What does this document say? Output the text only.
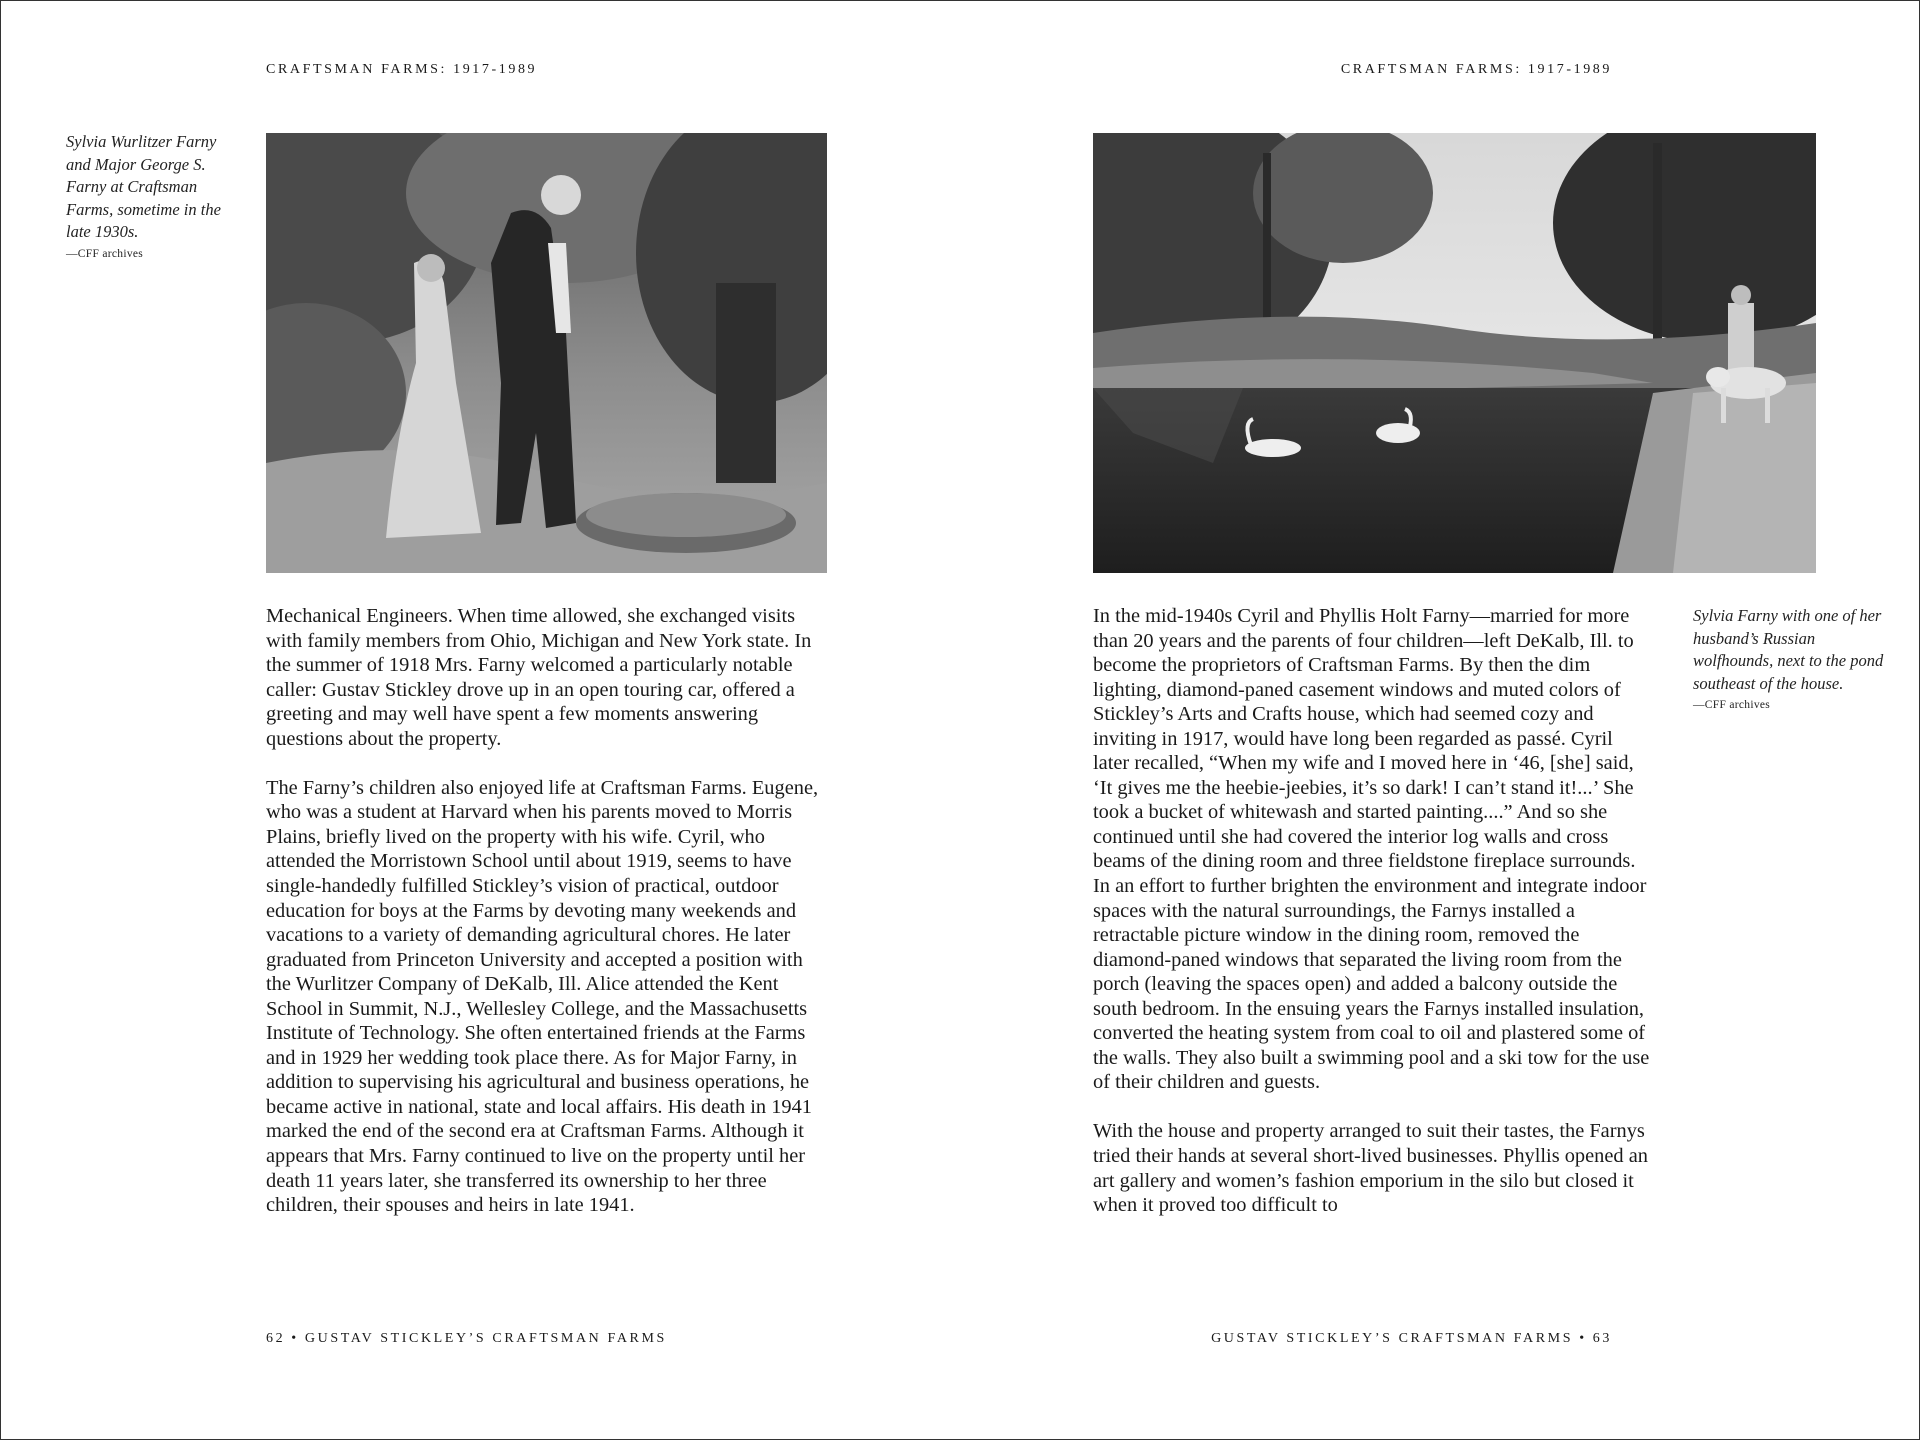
CRAFTSMAN FARMS: 1917-1989
Sylvia Wurlitzer Farny and Major George S. Farny at Craftsman Farms, sometime in the late 1930s.
—CFF archives

Mechanical Engineers. When time allowed, she exchanged visits with family members from Ohio, Michigan and New York state. In the summer of 1918 Mrs. Farny welcomed a particularly notable caller: Gustav Stickley drove up in an open touring car, offered a greeting and may well have spent a few moments answering questions about the property.

The Farny’s children also enjoyed life at Craftsman Farms. Eugene, who was a student at Harvard when his parents moved to Morris Plains, briefly lived on the property with his wife. Cyril, who attended the Morristown School until about 1919, seems to have single-handedly fulfilled Stickley’s vision of practical, outdoor education for boys at the Farms by devoting many weekends and vacations to a variety of demanding agricultural chores. He later graduated from Princeton University and accepted a position with the Wurlitzer Company of DeKalb, Ill. Alice attended the Kent School in Summit, N.J., Wellesley College, and the Massachusetts Institute of Technology. She often entertained friends at the Farms and in 1929 her wedding took place there. As for Major Farny, in addition to supervising his agricultural and business operations, he became active in national, state and local affairs. His death in 1941 marked the end of the second era at Craftsman Farms. Although it appears that Mrs. Farny continued to live on the property until her death 11 years later, she transferred its ownership to her three children, their spouses and heirs in late 1941.

62 • GUSTAV STICKLEY’S CRAFTSMAN FARMS
CRAFTSMAN FARMS: 1917-1989
Sylvia Farny with one of her husband’s Russian wolfhounds, next to the pond southeast of the house.
—CFF archives

In the mid-1940s Cyril and Phyllis Holt Farny—married for more than 20 years and the parents of four children—left DeKalb, Ill. to become the proprietors of Craftsman Farms. By then the dim lighting, diamond-paned casement windows and muted colors of Stickley’s Arts and Crafts house, which had seemed cozy and inviting in 1917, would have long been regarded as passé. Cyril later recalled, “When my wife and I moved here in ‘46, [she] said, ‘It gives me the heebie-jeebies, it’s so dark! I can’t stand it!...’ She took a bucket of whitewash and started painting....” And so she continued until she had covered the interior log walls and cross beams of the dining room and three fieldstone fireplace surrounds. In an effort to further brighten the environment and integrate indoor spaces with the natural surroundings, the Farnys installed a retractable picture window in the dining room, removed the diamond-paned windows that separated the living room from the porch (leaving the spaces open) and added a balcony outside the south bedroom. In the ensuing years the Farnys installed insulation, converted the heating system from coal to oil and plastered some of the walls. They also built a swimming pool and a ski tow for the use of their children and guests.

With the house and property arranged to suit their tastes, the Farnys tried their hands at several short-lived businesses. Phyllis opened an art gallery and women’s fashion emporium in the silo but closed it when it proved too difficult to

GUSTAV STICKLEY’S CRAFTSMAN FARMS • 63
